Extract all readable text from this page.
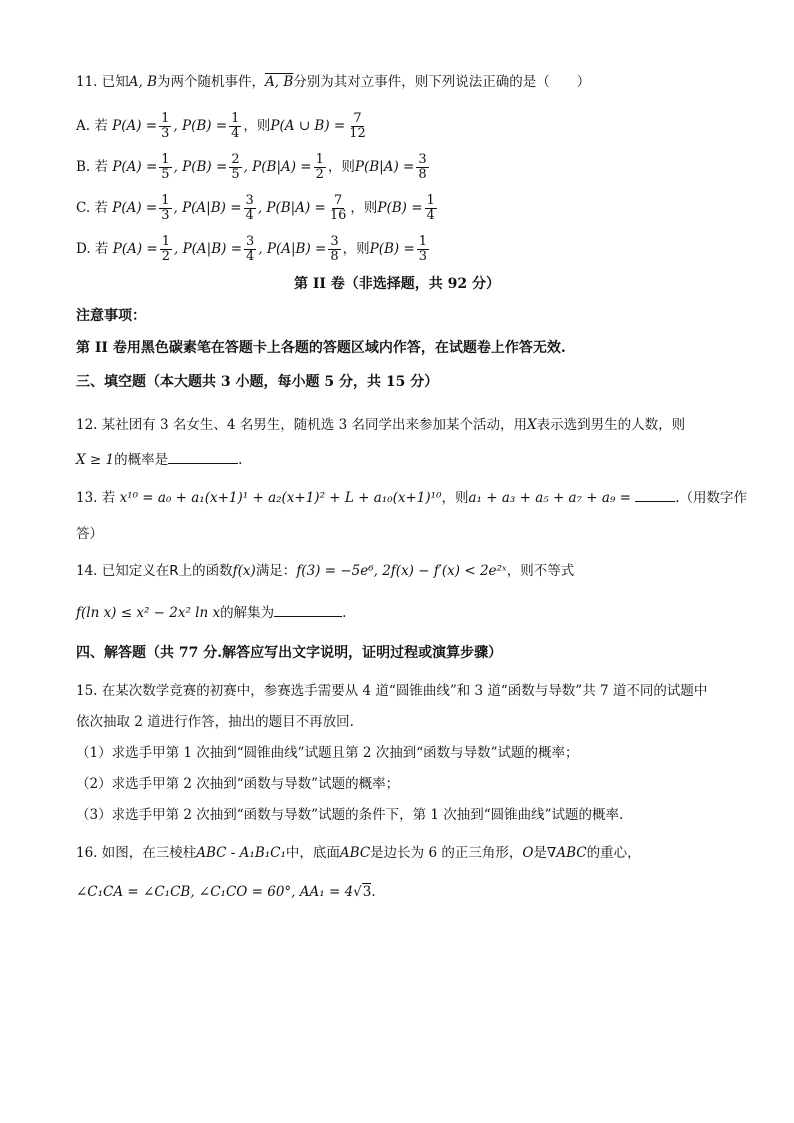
11. 已知A, B为两个随机事件，A, B分别为其对立事件，则下列说法正确的是（　　）
A. 若 $P(A) = \frac{1}{3}$ , $P(B) = \frac{1}{4}$ ，则P(A ∪ $B) = \frac{7}{12}$
B. 若 $P(A) = \frac{1}{5}$ , $P(B) = \frac{2}{5}$ , $P(B|A) = \frac{1}{2}$ ，则$P(B|A) = \frac{3}{8}$
C. 若 $P(A) = \frac{1}{3}$ , $P(A|B) = \frac{3}{4}$ , $P(B|A) = \frac{7}{16}$ ，则$P(B) = \frac{1}{4}$
D. 若 $P(A) = \frac{1}{2}$ , $P(A|B) = \frac{3}{4}$ , $P(A|B) = \frac{3}{8}$ ，则$P(B) = \frac{1}{3}$
第 II 卷（非选择题，共 92 分）
注意事项：
第 II 卷用黑色碳素笔在答题卡上各题的答题区域内作答，在试题卷上作答无效.
三、填空题（本大题共 3 小题，每小题 5 分，共 15 分）
12. 某社团有 3 名女生、4 名男生，随机选 3 名同学出来参加某个活动，用X表示选到男生的人数，则
X ≥ 1的概率是	.
13. 若 x¹⁰ = a₀ + a₁(x+1)¹ + a₂(x+1)² + L + a₁₀(x+1)¹⁰，则a₁ + a₃ + a₅ + a₇ + a₉ =	.（用数字作
答）
14. 已知定义在R上的函数f(x)满足：f(3) = −5e⁶, 2f(x) − f′(x) < 2e²ˣ，则不等式
f(ln x) ≤ x² − 2x² ln x的解集为	.
四、解答题（共 77 分.解答应写出文字说明，证明过程或演算步骤）
15. 在某次数学竞赛的初赛中，参赛选手需要从 4 道“圆锥曲线”和 3 道“函数与导数”共 7 道不同的试题中
依次抽取 2 道进行作答，抽出的题目不再放回.
（1）求选手甲第 1 次抽到“圆锥曲线”试题且第 2 次抽到“函数与导数”试题的概率；
（2）求选手甲第 2 次抽到“函数与导数”试题的概率；
（3）求选手甲第 2 次抽到“函数与导数”试题的条件下，第 1 次抽到“圆锥曲线”试题的概率.
16. 如图，在三棱柱ABC - A₁B₁C₁中，底面ABC是边长为 6 的正三角形，O是∇ABC的重心，
∠C₁CA = ∠C₁CB, ∠C₁CO = 60°, AA₁ = 4√3.
